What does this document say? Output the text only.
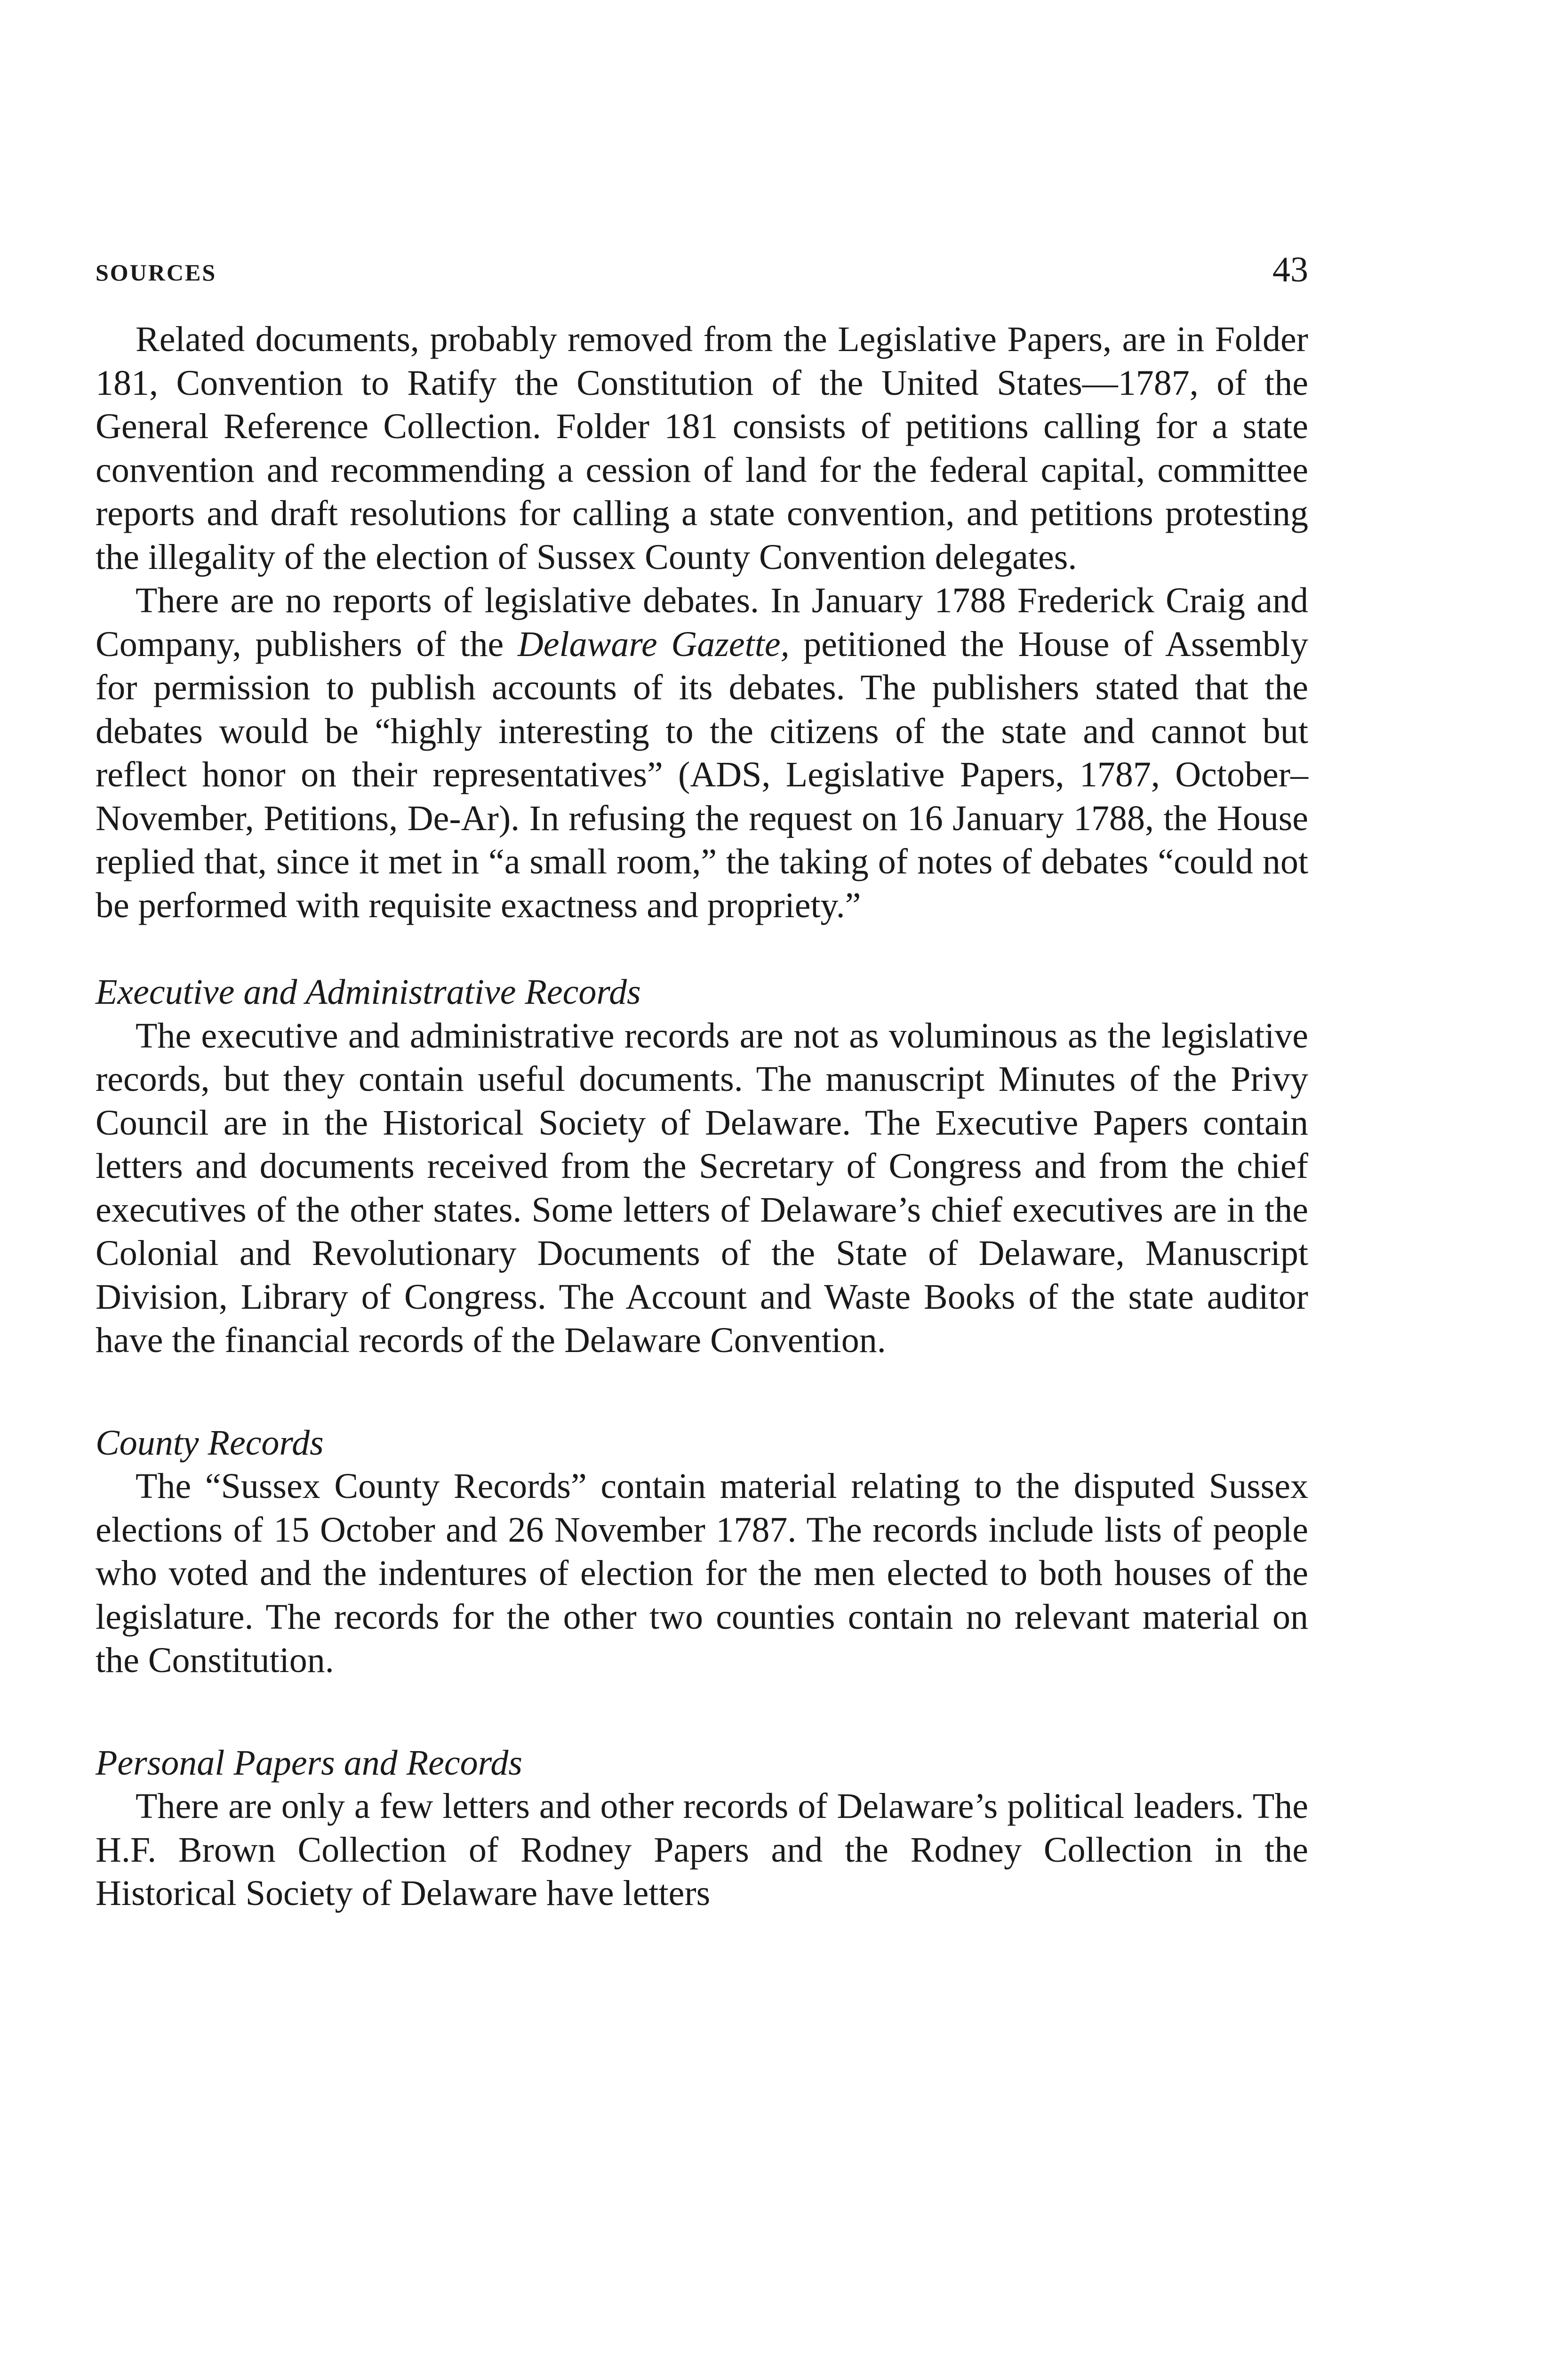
SOURCES	43

Related documents, probably removed from the Legislative Papers, are in Folder 181, Convention to Ratify the Constitution of the United States—1787, of the General Reference Collection. Folder 181 consists of petitions calling for a state convention and recommending a cession of land for the federal capital, committee reports and draft resolutions for calling a state convention, and petitions protesting the illegality of the election of Sussex County Convention delegates.

There are no reports of legislative debates. In January 1788 Frederick Craig and Company, publishers of the Delaware Gazette, petitioned the House of Assembly for permission to publish accounts of its debates. The publishers stated that the debates would be “highly interesting to the citizens of the state and cannot but reflect honor on their representatives” (ADS, Legislative Papers, 1787, October–November, Petitions, De-Ar). In refusing the request on 16 January 1788, the House replied that, since it met in “a small room,” the taking of notes of debates “could not be performed with requisite exactness and propriety.”

Executive and Administrative Records

The executive and administrative records are not as voluminous as the legislative records, but they contain useful documents. The manuscript Minutes of the Privy Council are in the Historical Society of Delaware. The Executive Papers contain letters and documents received from the Secretary of Congress and from the chief executives of the other states. Some letters of Delaware’s chief executives are in the Colonial and Revolutionary Documents of the State of Delaware, Manuscript Division, Library of Congress. The Account and Waste Books of the state auditor have the financial records of the Delaware Convention.

County Records

The “Sussex County Records” contain material relating to the disputed Sussex elections of 15 October and 26 November 1787. The records include lists of people who voted and the indentures of election for the men elected to both houses of the legislature. The records for the other two counties contain no relevant material on the Constitution.

Personal Papers and Records

There are only a few letters and other records of Delaware’s political leaders. The H.F. Brown Collection of Rodney Papers and the Rodney Collection in the Historical Society of Delaware have letters
